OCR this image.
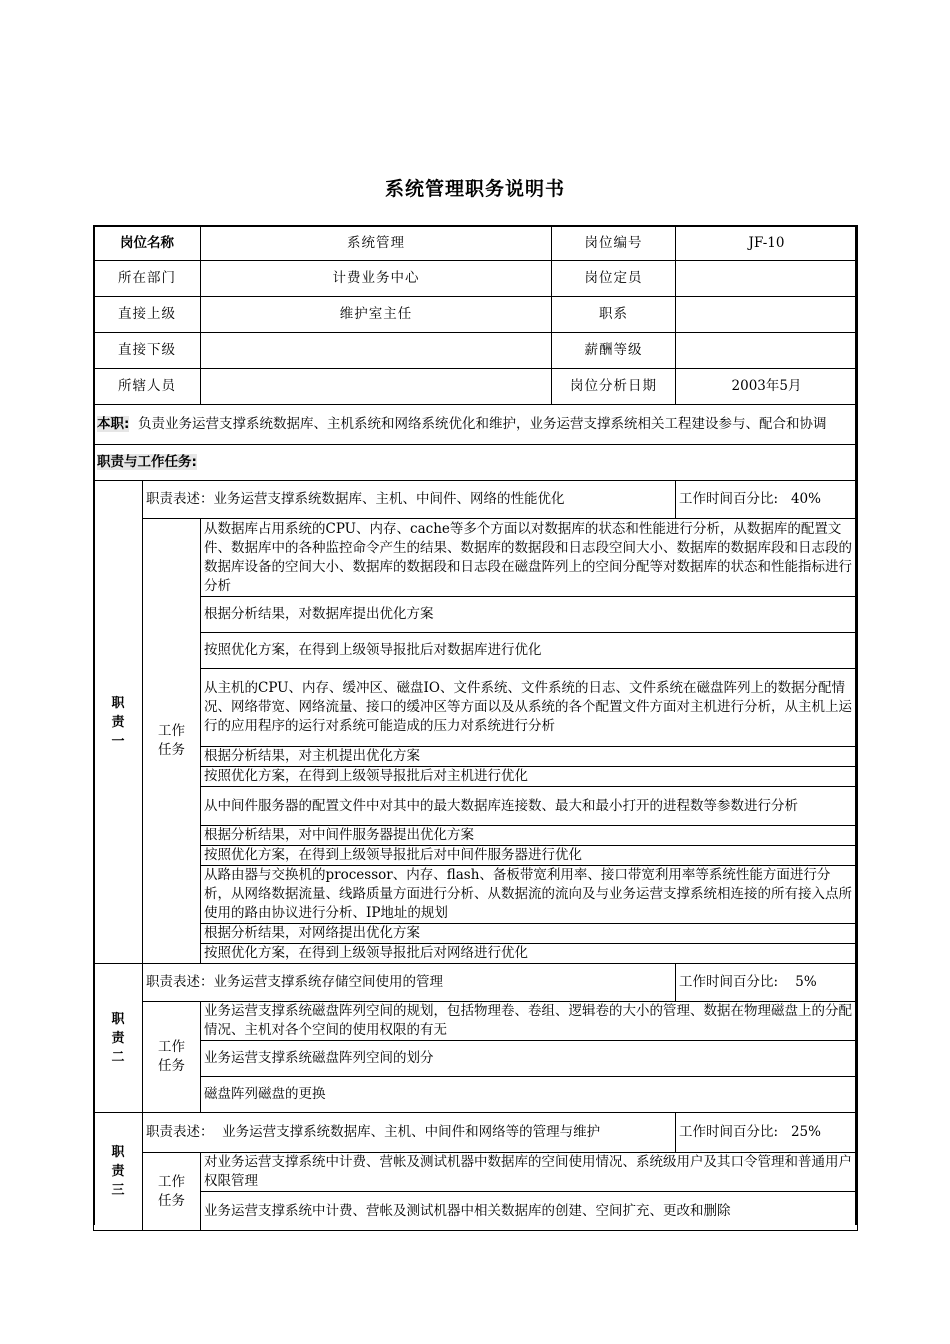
系统管理职务说明书
岗位名称		系统管理	岗位编号	JF-10
所在部门		计费业务中心	岗位定员	
直接上级		维护室主任	职系	
直接下级			薪酬等级	
所辖人员			岗位分析日期	2003年5月
本职: 负责业务运营支撑系统数据库、主机系统和网络系统优化和维护，业务运营支撑系统相关工程建设参与、配合和协调				
职责与工作任务:				

职责一	职责表述：业务运营支撑系统数据库、主机、中间件、网络的性能优化			工作时间百分比: 40%

	工作任务	从数据库占用系统的CPU、内存、cache等多个方面以对数据库的状态和性能进行分析，从数据库的配置文件、数据库中的各种监控命令产生的结果、数据库的数据段和日志段空间大小、数据库的数据库段和日志段的数据库设备的空间大小、数据库的数据段和日志段在磁盘阵列上的空间分配等对数据库的状态和性能指标进行分析		
		根据分析结果，对数据库提出优化方案		
		按照优化方案，在得到上级领导报批后对数据库进行优化		
		从主机的CPU、内存、缓冲区、磁盘IO、文件系统、文件系统的日志、文件系统在磁盘阵列上的数据分配情况、网络带宽、网络流量、接口的缓冲区等方面以及从系统的各个配置文件方面对主机进行分析，从主机上运行的应用程序的运行对系统可能造成的压力对系统进行分析		
		根据分析结果，对主机提出优化方案		
		按照优化方案，在得到上级领导报批后对主机进行优化		
		从中间件服务器的配置文件中对其中的最大数据库连接数、最大和最小打开的进程数等参数进行分析		
		根据分析结果，对中间件服务器提出优化方案		
		按照优化方案，在得到上级领导报批后对中间件服务器进行优化		
		从路由器与交换机的processor、内存、flash、备板带宽利用率、接口带宽利用率等系统性能方面进行分析，从网络数据流量、线路质量方面进行分析、从数据流的流向及与业务运营支撑系统相连接的所有接入点所使用的路由协议进行分析、IP地址的规划		
		根据分析结果，对网络提出优化方案		
		按照优化方案，在得到上级领导报批后对网络进行优化		

职责二	职责表述：业务运营支撑系统存储空间使用的管理			工作时间百分比: 5%

	工作任务	业务运营支撑系统磁盘阵列空间的规划，包括物理卷、卷组、逻辑卷的大小的管理、数据在物理磁盘上的分配情况、主机对各个空间的使用权限的有无		
		业务运营支撑系统磁盘阵列空间的划分		
		磁盘阵列磁盘的更换		

职责三	职责表述：  业务运营支撑系统数据库、主机、中间件和网络等的管理与维护			工作时间百分比: 25%

	工作任务	对业务运营支撑系统中计费、营帐及测试机器中数据库的空间使用情况、系统级用户及其口令管理和普通用户权限管理		
		业务运营支撑系统中计费、营帐及测试机器中相关数据库的创建、空间扩充、更改和删除		
